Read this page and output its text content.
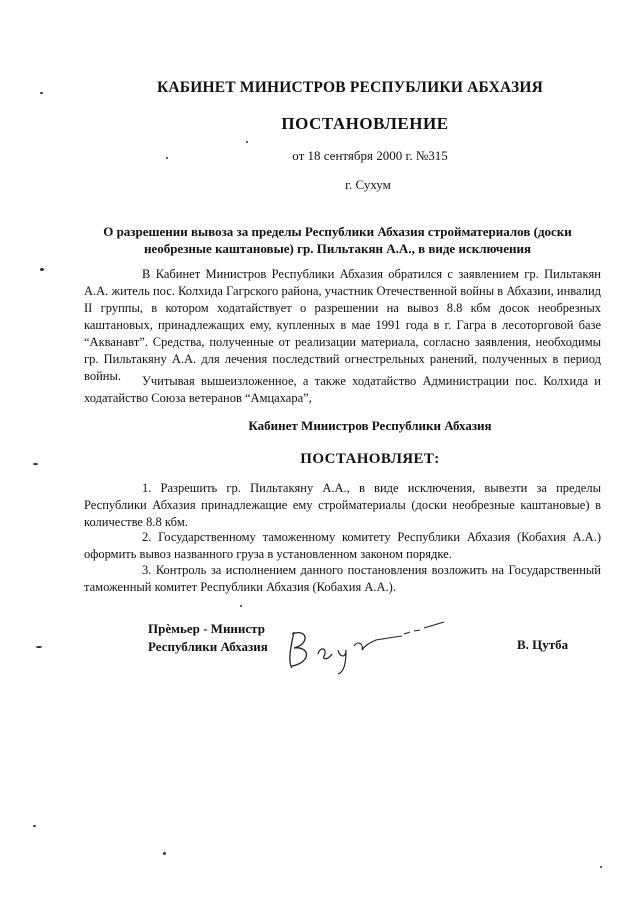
КАБИНЕТ МИНИСТРОВ РЕСПУБЛИКИ АБХАЗИЯ
ПОСТАНОВЛЕНИЕ
от 18 сентября 2000 г. №315
г. Сухум
О разрешении вывоза за пределы Республики Абхазия стройматериалов (доски необрезные каштановые) гр. Пильтакян А.А., в виде исключения

В Кабинет Министров Республики Абхазия обратился с заявлением гр. Пильтакян А.А. житель пос. Колхида Гагрского района, участник Отечественной войны в Абхазии, инвалид II группы, в котором ходатайствует о разрешении на вывоз 8.8 кбм досок необрезных каштановых, принадлежащих ему, купленных в мае 1991 года в г. Гагра в лесоторговой базе “Акванавт”. Средства, полученные от реализации материала, согласно заявления, необходимы гр. Пильтакяну А.А. для лечения последствий огнестрельных ранений, полученных в период войны.	Учитывая вышеизложенное, а также ходатайство Администрации пос. Колхида и ходатайство Союза ветеранов “Амцахара”,

Кабинет Министров Республики Абхазия
ПОСТАНОВЛЯЕТ:

1. Разрешить гр. Пильтакяну А.А., в виде исключения, вывезти за пределы Республики Абхазия принадлежащие ему стройматериалы (доски необрезные каштановые) в количестве 8.8 кбм.

2. Государственному таможенному комитету Республики Абхазия (Кобахия А.А.) оформить вывоз названного груза в установленном законом порядке.

3. Контроль за исполнением данного постановления возложить на Государственный таможенный комитет Республики Абхазия (Кобахия А.А.).

Прѐмьер - Министр
Республики Абхазия	В. Цутба
